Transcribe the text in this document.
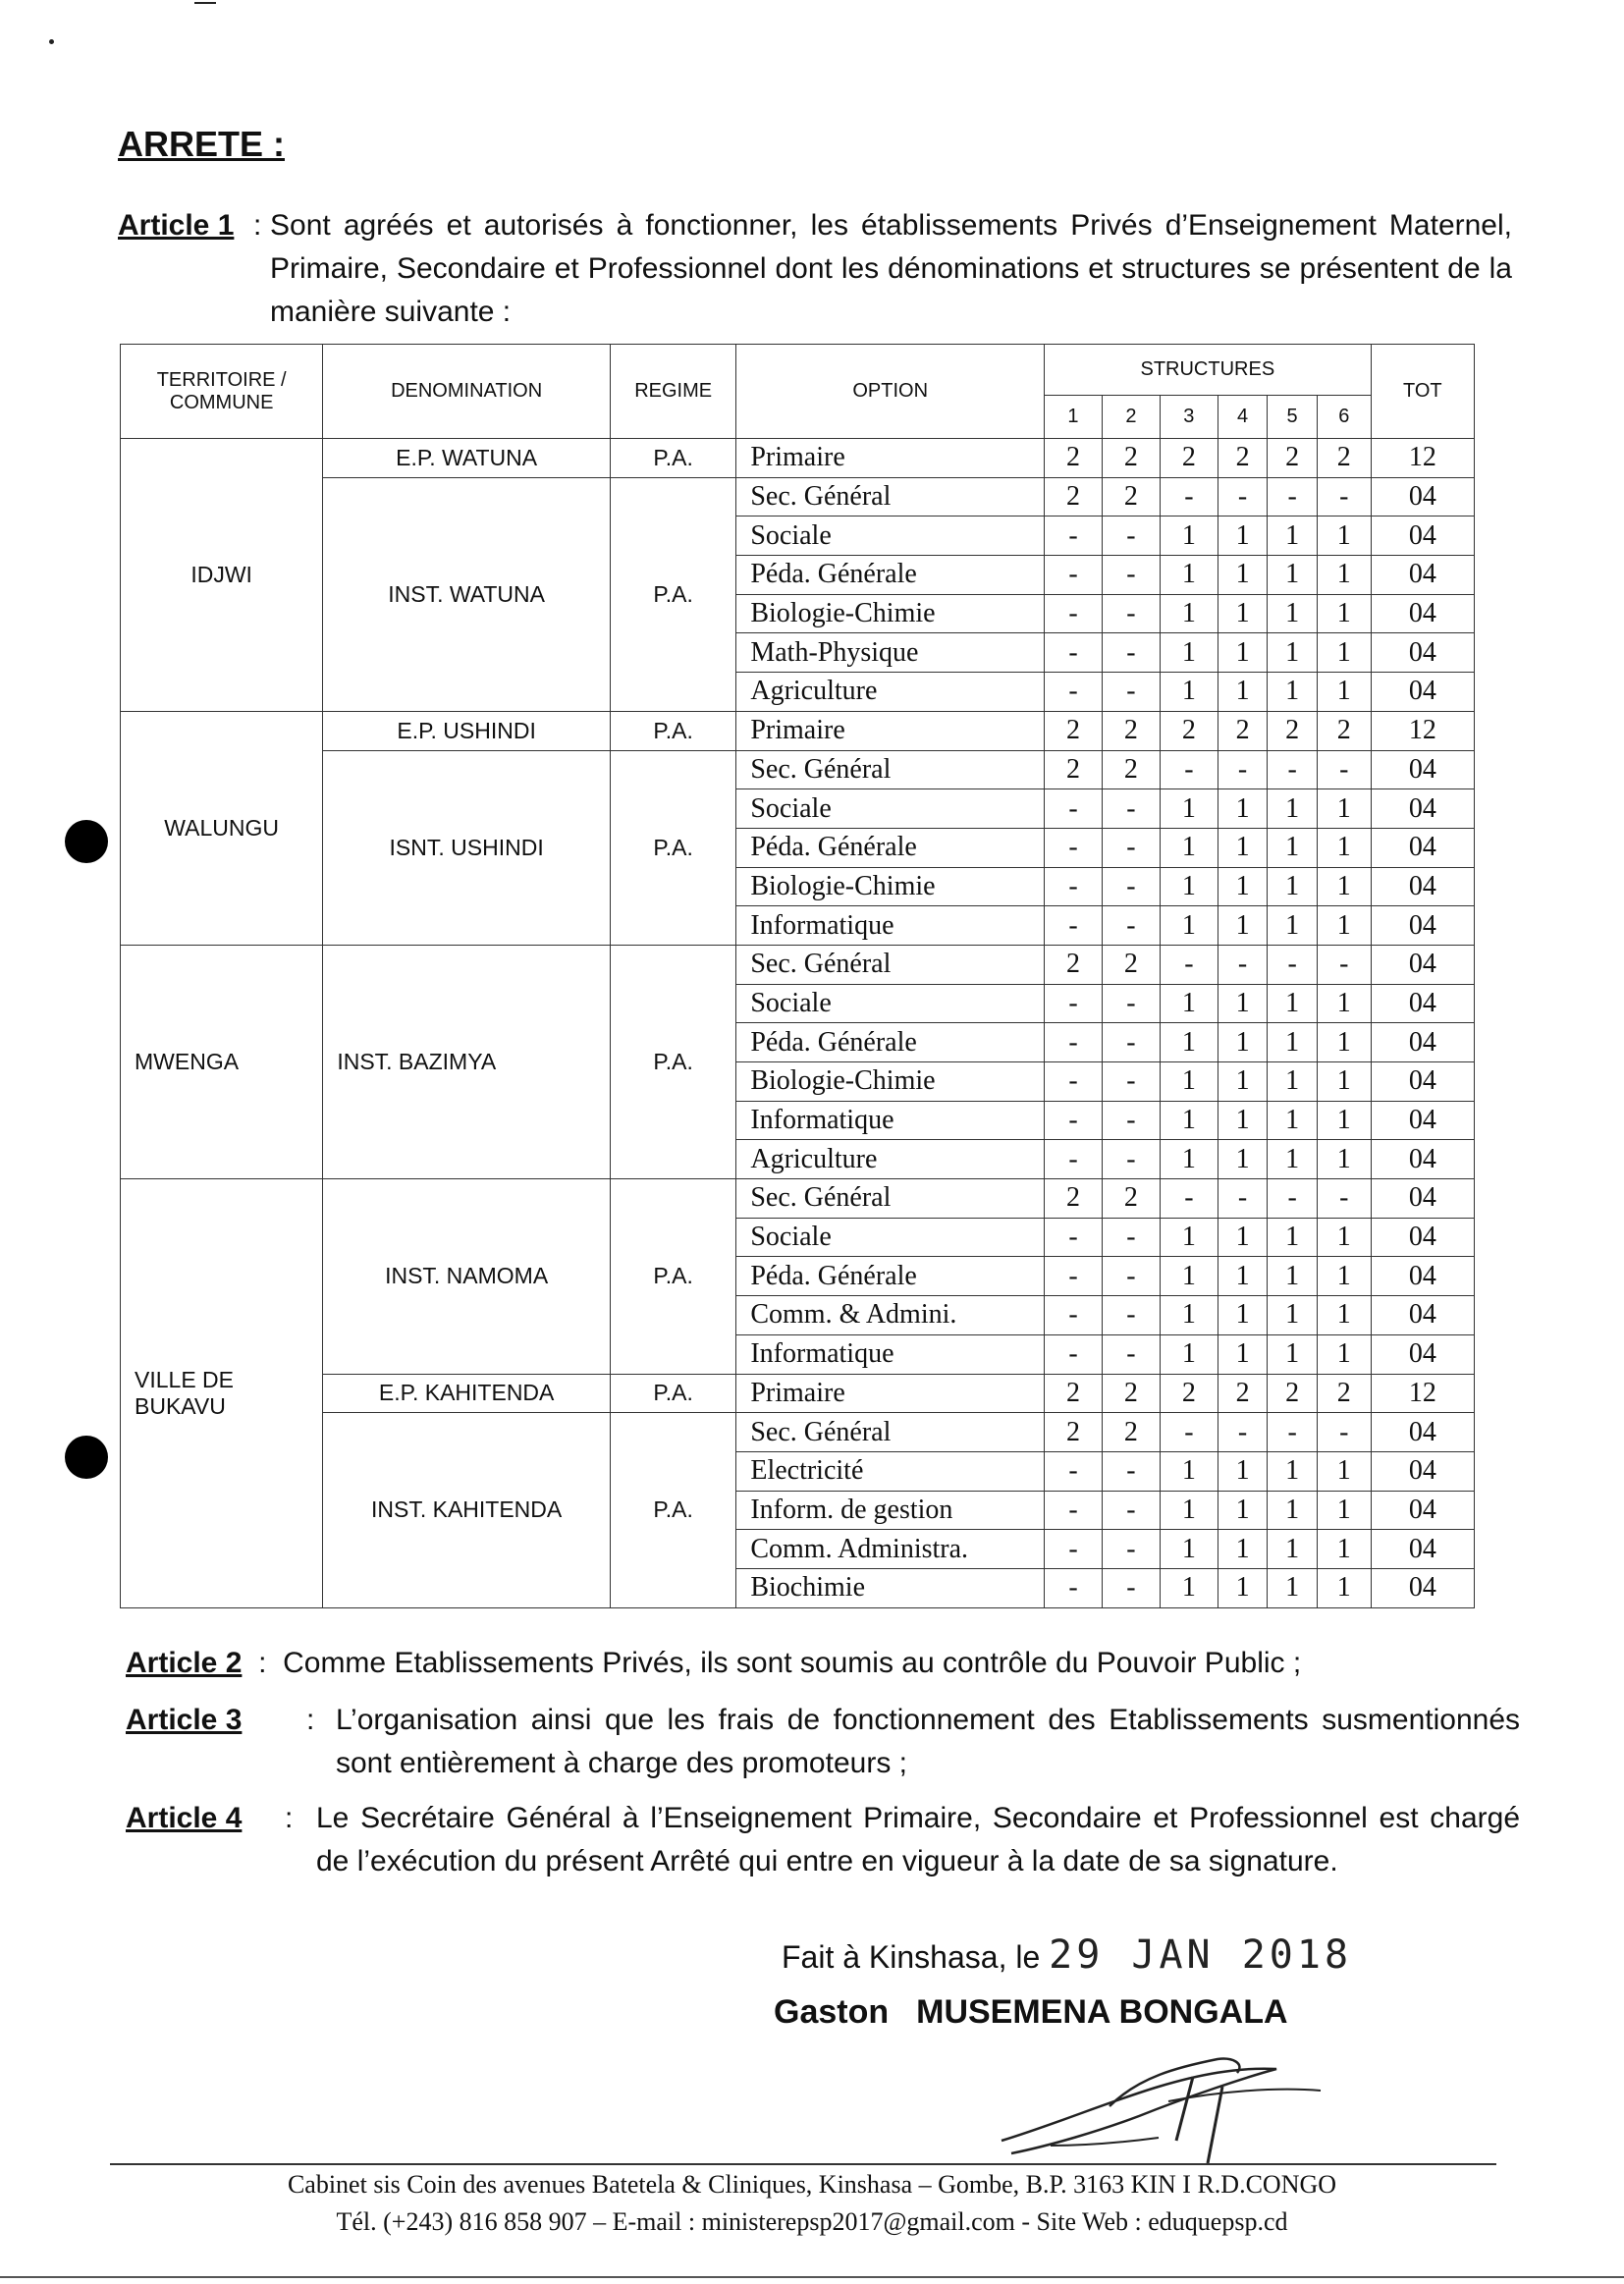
ARRETE :
Article 1 : Sont agréés et autorisés à fonctionner, les établissements Privés d’Enseignement Maternel, Primaire, Secondaire et Professionnel dont les dénominations et structures se présentent de la manière suivante :
TERRITOIRE / COMMUNE	DENOMINATION	REGIME	OPTION	STRUCTURES						TOT
				1	2	3	4	5	6	
IDJWI	E.P. WATUNA	P.A.	Primaire	2	2	2	2	2	2	12
	INST. WATUNA	P.A.	Sec. Général	2	2	-	-	-	-	04
			Sociale	-	-	1	1	1	1	04
			Péda. Générale	-	-	1	1	1	1	04
			Biologie-Chimie	-	-	1	1	1	1	04
			Math-Physique	-	-	1	1	1	1	04
			Agriculture	-	-	1	1	1	1	04
WALUNGU	E.P. USHINDI	P.A.	Primaire	2	2	2	2	2	2	12
	ISNT. USHINDI	P.A.	Sec. Général	2	2	-	-	-	-	04
			Sociale	-	-	1	1	1	1	04
			Péda. Générale	-	-	1	1	1	1	04
			Biologie-Chimie	-	-	1	1	1	1	04
			Informatique	-	-	1	1	1	1	04
MWENGA	INST. BAZIMYA	P.A.	Sec. Général	2	2	-	-	-	-	04
			Sociale	-	-	1	1	1	1	04
			Péda. Générale	-	-	1	1	1	1	04
			Biologie-Chimie	-	-	1	1	1	1	04
			Informatique	-	-	1	1	1	1	04
			Agriculture	-	-	1	1	1	1	04
VILLE DE BUKAVU	INST. NAMOMA	P.A.	Sec. Général	2	2	-	-	-	-	04
			Sociale	-	-	1	1	1	1	04
			Péda. Générale	-	-	1	1	1	1	04
			Comm. & Admini.	-	-	1	1	1	1	04
			Informatique	-	-	1	1	1	1	04
	E.P. KAHITENDA	P.A.	Primaire	2	2	2	2	2	2	12
	INST. KAHITENDA	P.A.	Sec. Général	2	2	-	-	-	-	04
			Electricité	-	-	1	1	1	1	04
			Inform. de gestion	-	-	1	1	1	1	04
			Comm. Administra.	-	-	1	1	1	1	04
			Biochimie	-	-	1	1	1	1	04
Article 2  :  Comme Etablissements Privés, ils sont soumis au contrôle du Pouvoir Public ;
Article 3 : L’organisation ainsi que les frais de fonctionnement des Etablissements susmentionnés sont entièrement à charge des promoteurs ;
Article 4 : Le Secrétaire Général à l’Enseignement Primaire, Secondaire et Professionnel est chargé de l’exécution du présent Arrêté qui entre en vigueur à la date de sa signature.
Fait à Kinshasa, le 29 JAN 2018
Gaston MUSEMENA BONGALA
Cabinet sis Coin des avenues Batetela & Cliniques, Kinshasa – Gombe, B.P. 3163 KIN I R.D.CONGO
Tél. (+243) 816 858 907 – E-mail : ministerepsp2017@gmail.com - Site Web : eduquepsp.cd
